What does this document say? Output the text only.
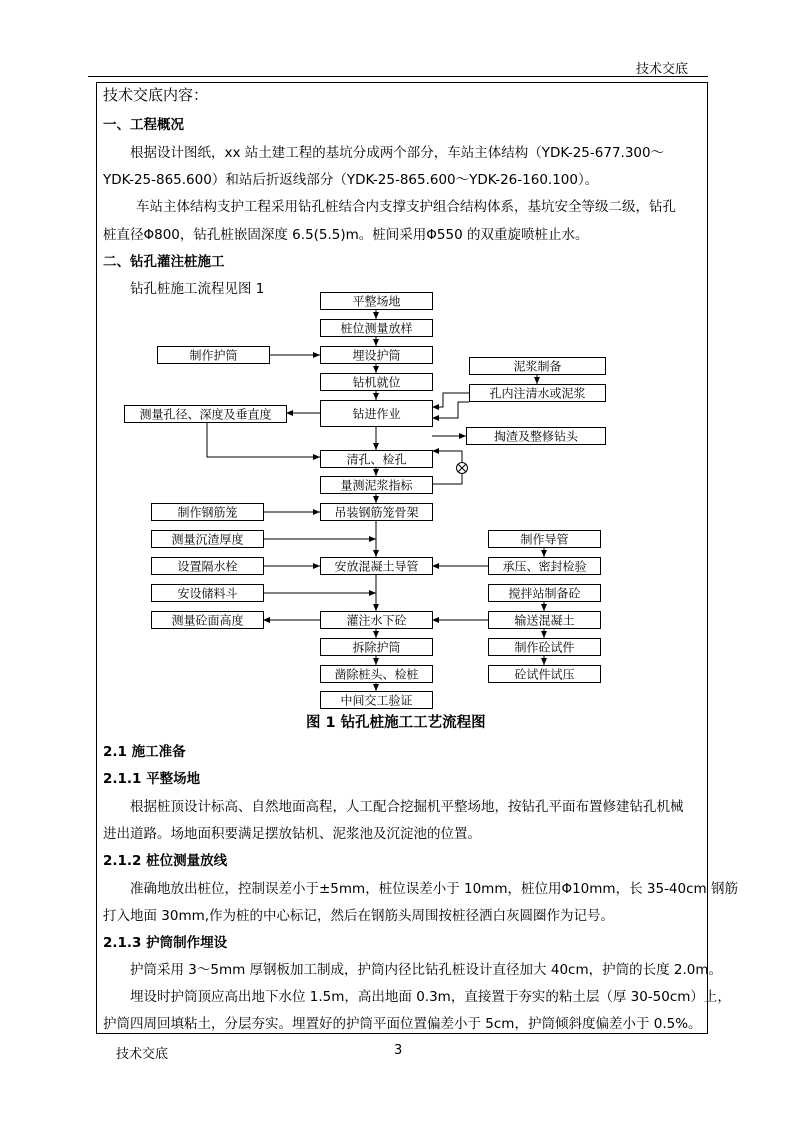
技术交底
技术交底内容：
一、工程概况
根据设计图纸，xx 站土建工程的基坑分成两个部分，车站主体结构（YDK-25-677.300～
YDK-25-865.600）和站后折返线部分（YDK-25-865.600～YDK-26-160.100）。
车站主体结构支护工程采用钻孔桩结合内支撑支护组合结构体系，基坑安全等级二级，钻孔
桩直径Φ800，钻孔桩嵌固深度 6.5(5.5)m。桩间采用Φ550 的双重旋喷桩止水。
二、钻孔灌注桩施工
钻孔桩施工流程见图 1
平整场地
桩位测量放样
埋设护筒
钻机就位
钻进作业
清孔、检孔
量测泥浆指标
吊装钢筋笼骨架
安放混凝土导管
灌注水下砼
拆除护筒
凿除桩头、检桩
中间交工验证
制作护筒
测量孔径、深度及垂直度
制作钢筋笼
测量沉渣厚度
设置隔水栓
安设储料斗
测量砼面高度
泥浆制备
孔内注清水或泥浆
掏渣及整修钻头
制作导管
承压、密封检验
搅拌站制备砼
输送混凝土
制作砼试件
砼试件试压
图 1 钻孔桩施工工艺流程图
2.1 施工准备
2.1.1 平整场地
根据桩顶设计标高、自然地面高程，人工配合挖掘机平整场地，按钻孔平面布置修建钻孔机械
进出道路。场地面积要满足摆放钻机、泥浆池及沉淀池的位置。
2.1.2 桩位测量放线
准确地放出桩位，控制误差小于±5mm，桩位误差小于 10mm，桩位用Φ10mm，长 35-40cm 钢筋
打入地面 30mm,作为桩的中心标记，然后在钢筋头周围按桩径洒白灰圆圈作为记号。
2.1.3 护筒制作埋设
护筒采用 3～5mm 厚钢板加工制成，护筒内径比钻孔桩设计直径加大 40cm，护筒的长度 2.0m。
埋设时护筒顶应高出地下水位 1.5m，高出地面 0.3m，直接置于夯实的粘土层（厚 30-50cm）上，
护筒四周回填粘土，分层夯实。埋置好的护筒平面位置偏差小于 5cm，护筒倾斜度偏差小于 0.5%。
技术交底	3
